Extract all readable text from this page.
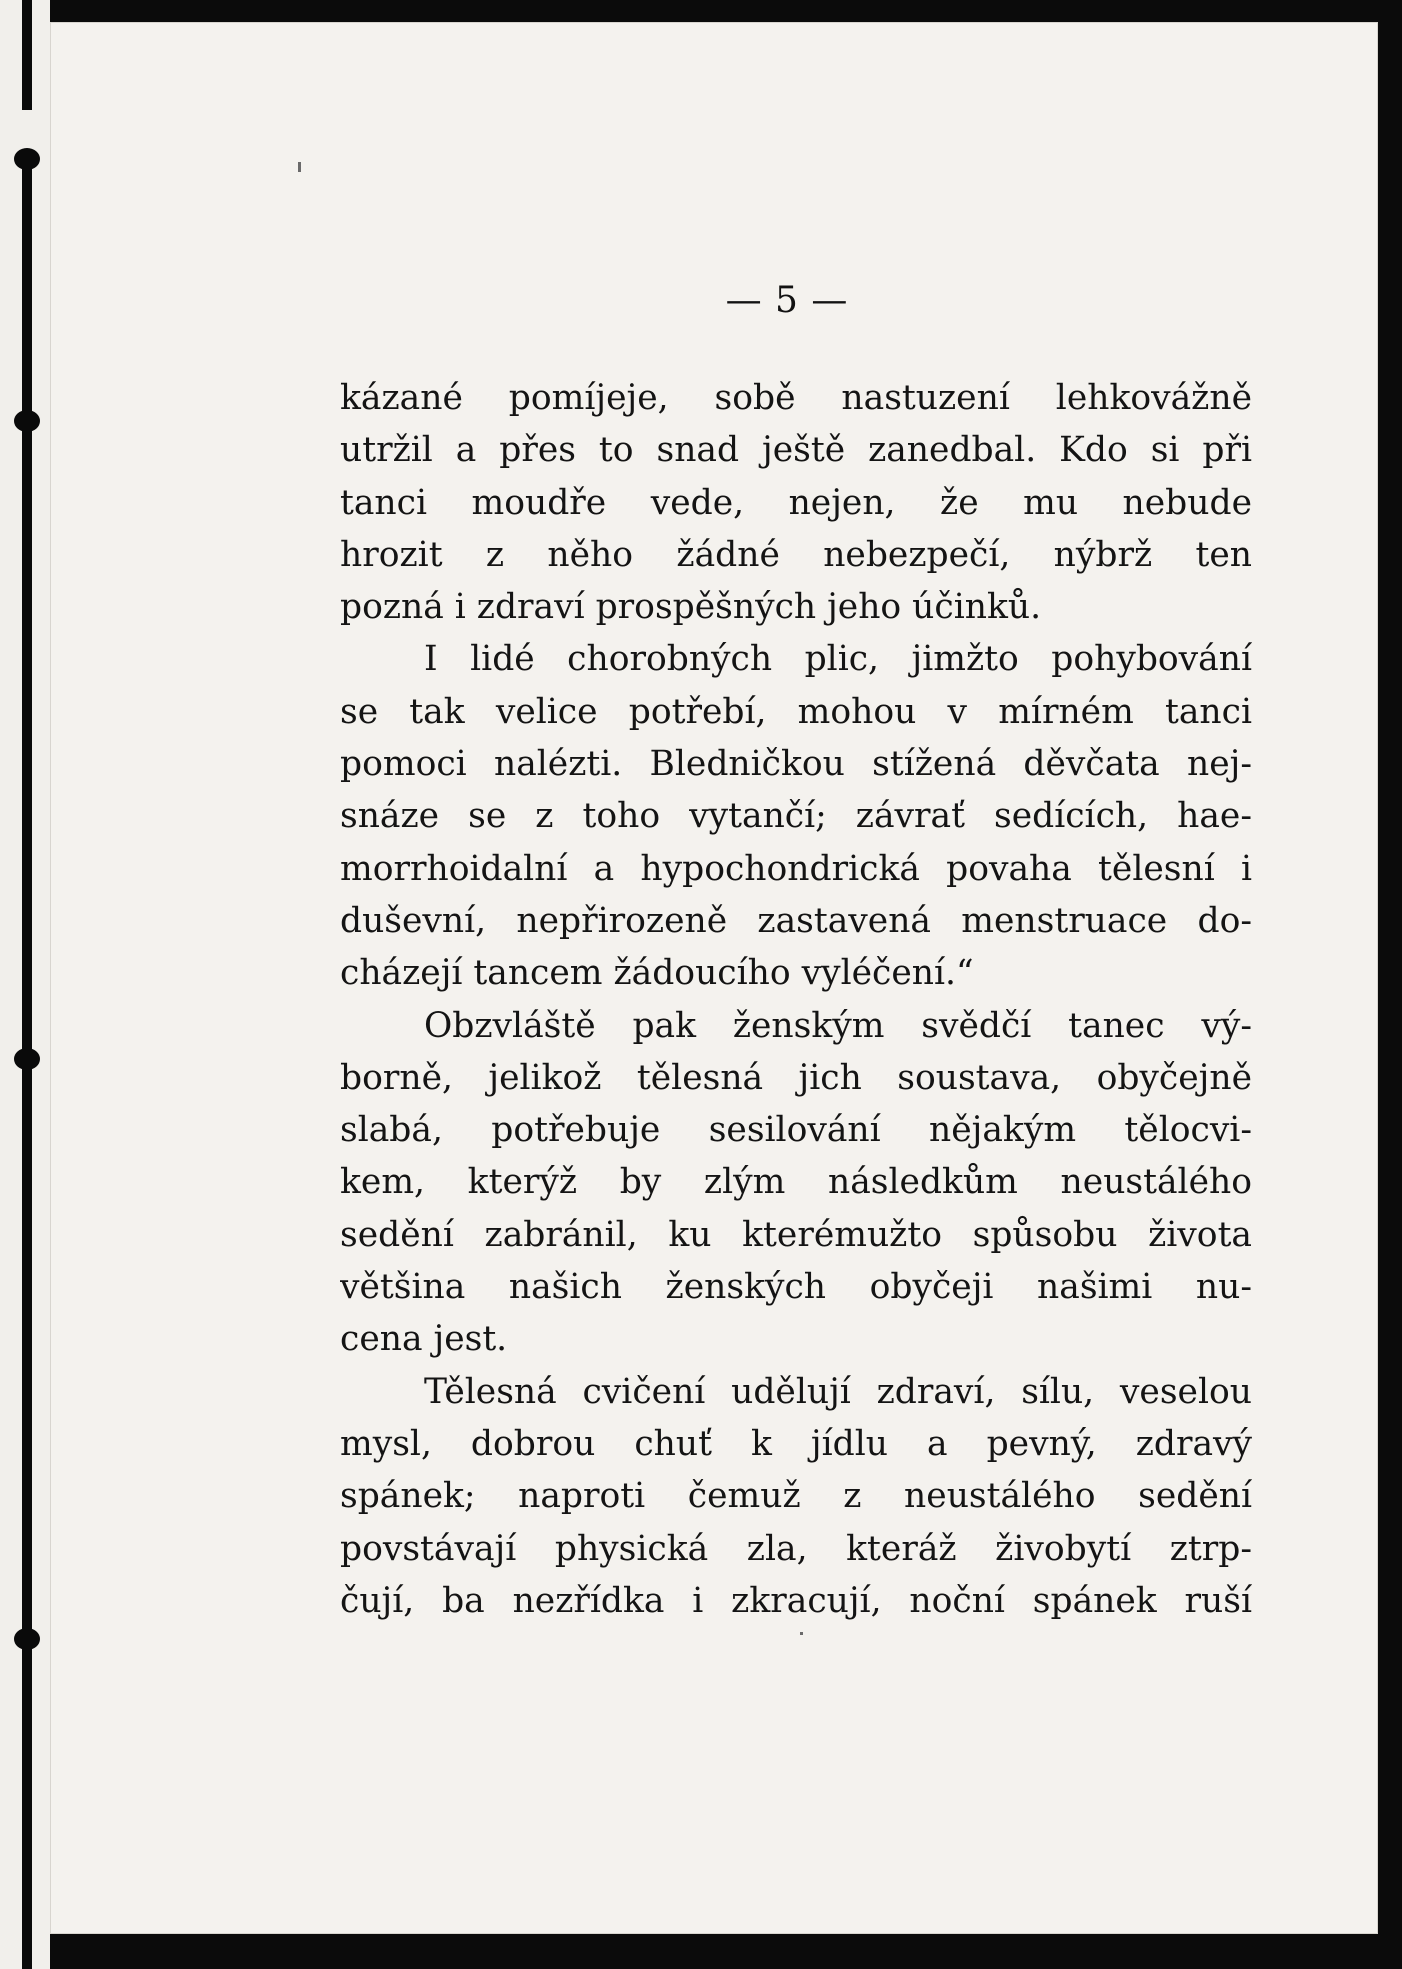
— 5 —
kázané pomíjeje, sobě nastuzení lehkovážně
utržil a přes to snad ještě zanedbal. Kdo si při
tanci moudře vede, nejen, že mu nebude
hrozit z něho žádné nebezpečí, nýbrž ten
pozná i zdraví prospěšných jeho účinků.
I lidé chorobných plic, jimžto pohybování
se tak velice potřebí, mohou v mírném tanci
pomoci nalézti. Bledničkou stížená děvčata nej-
snáze se z toho vytančí; závrať sedících, hae-
morrhoidalní a hypochondrická povaha tělesní i
duševní, nepřirozeně zastavená menstruace do-
cházejí tancem žádoucího vyléčení.“
Obzvláště pak ženským svědčí tanec vý-
borně, jelikož tělesná jich soustava, obyčejně
slabá, potřebuje sesilování nějakým tělocvi-
kem, kterýž by zlým následkům neustálého
sedění zabránil, ku kterémužto spůsobu života
většina našich ženských obyčeji našimi nu-
cena jest.
Tělesná cvičení udělují zdraví, sílu, veselou
mysl, dobrou chuť k jídlu a pevný, zdravý
spánek; naproti čemuž z neustálého sedění
povstávají physická zla, kteráž živobytí ztrp-
čují, ba nezřídka i zkracují, noční spánek ruší
